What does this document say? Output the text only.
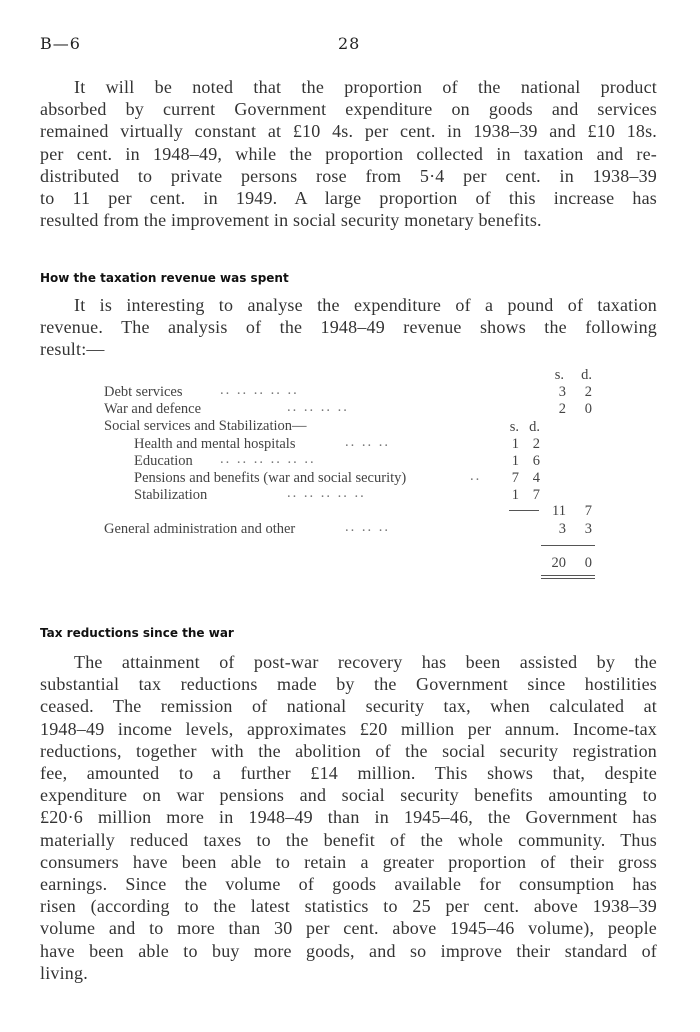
B—6	28
It will be noted that the proportion of the national product
absorbed by current Government expenditure on goods and services
remained virtually constant at £10 4s. per cent. in 1938–39 and £10 18s.
per cent. in 1948–49, while the proportion collected in taxation and re-
distributed to private persons rose from 5·4 per cent. in 1938–39
to 11 per cent. in 1949. A large proportion of this increase has
resulted from the improvement in social security monetary benefits.
How the taxation revenue was spent
It is interesting to analyse the expenditure of a pound of taxation
revenue. The analysis of the 1948–49 revenue shows the following
result:—
s. d.
Debt services	.. .. .. .. ..	3	2
War and defence	.. .. .. ..	2	0
Social services and Stabilization—	s. d.
Health and mental hospitals	.. .. ..	1 2
Education .. .. .. .. .. ..	1 6
Pensions and benefits (war and social security)	..	7 4
Stabilization	.. .. .. .. ..	1 7
11	7
General administration and other	.. .. ..	3	3
20	0
Tax reductions since the war
The attainment of post-war recovery has been assisted by the
substantial tax reductions made by the Government since hostilities
ceased. The remission of national security tax, when calculated at
1948–49 income levels, approximates £20 million per annum. Income-tax
reductions, together with the abolition of the social security registration
fee, amounted to a further £14 million. This shows that, despite
expenditure on war pensions and social security benefits amounting to
£20·6 million more in 1948–49 than in 1945–46, the Government has
materially reduced taxes to the benefit of the whole community. Thus
consumers have been able to retain a greater proportion of their gross
earnings. Since the volume of goods available for consumption has
risen (according to the latest statistics to 25 per cent. above 1938–39
volume and to more than 30 per cent. above 1945–46 volume), people
have been able to buy more goods, and so improve their standard of
living.
